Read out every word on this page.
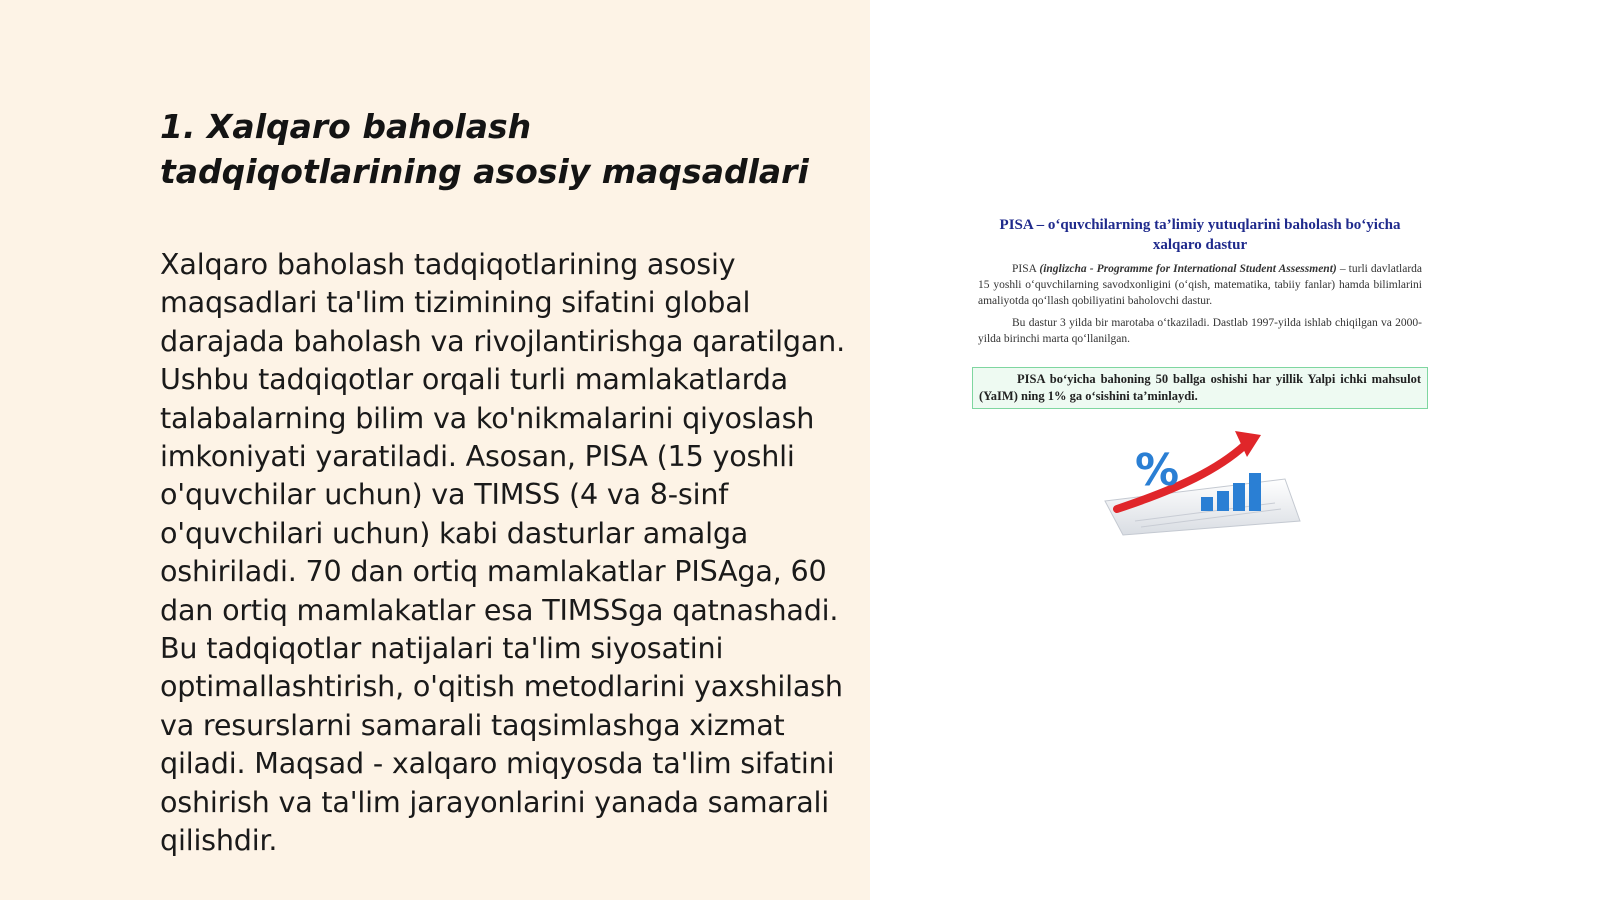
1. Xalqaro baholash tadqiqotlarining asosiy maqsadlari

Xalqaro baholash tadqiqotlarining asosiy maqsadlari ta'lim tizimining sifatini global darajada baholash va rivojlantirishga qaratilgan. Ushbu tadqiqotlar orqali turli mamlakatlarda talabalarning bilim va ko'nikmalarini qiyoslash imkoniyati yaratiladi. Asosan, PISA (15 yoshli o'quvchilar uchun) va TIMSS (4 va 8-sinf o'quvchilari uchun) kabi dasturlar amalga oshiriladi. 70 dan ortiq mamlakatlar PISAga, 60 dan ortiq mamlakatlar esa TIMSSga qatnashadi. Bu tadqiqotlar natijalari ta'lim siyosatini optimallashtirish, o'qitish metodlarini yaxshilash va resurslarni samarali taqsimlashga xizmat qiladi. Maqsad - xalqaro miqyosda ta'lim sifatini oshirish va ta'lim jarayonlarini yanada samarali qilishdir.

PISA – o‘quvchilarning ta’limiy yutuqlarini baholash bo‘yicha xalqaro dastur

PISA (inglizcha - Programme for International Student Assessment) – turli davlatlarda 15 yoshli o‘quvchilarning savodxonligini (o‘qish, matematika, tabiiy fanlar) hamda bilimlarini amaliyotda qo‘llash qobiliyatini baholovchi dastur.

Bu dastur 3 yilda bir marotaba o‘tkaziladi. Dastlab 1997-yilda ishlab chiqilgan va 2000-yilda birinchi marta qo‘llanilgan.

PISA bo‘yicha bahoning 50 ballga oshishi har yillik Yalpi ichki mahsulot (YaIM) ning 1% ga o‘sishini ta’minlaydi.
%
